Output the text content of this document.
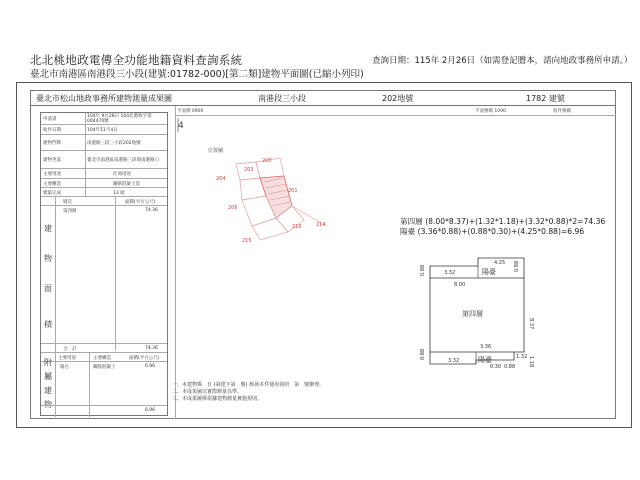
北北桃地政電傳全功能地籍資料查詢系統
臺北市南港區南港段三小段(建號:01782-000)[第二類]建物平面圖(已縮小列印)
查詢日期：115年 2月26日（如需登記謄本，請向地政事務所申請。）
臺北市松山地政事務所建物測量成果圖	南港段三小段	202地號	1782 建號
平面號 0900	平面號碼 1090	收件號碼
申請書
104年 9月28日 104北港收字第004470號
收件日期	104年11月4日
建物門牌	南港路三段三小段202地號
建物坐落	臺北市南港區南港路三段與南港路口
主要用途	住商用途
主要構造	鋼筋混凝土造
建築完成	13 層
層次	面積(平方公尺)
第四層	74.36
建
物
面
積
合　計	74.36
主要用途	主要構造	面積(平方公尺)
陽台	鋼筋混凝土	6.96
附
屬
建
物
6.96
4
位置圖
203
200
204
201
206
214
216
215
第四層 (8.00*8.37)+(1.32*1.18)+(3.32*0.88)*2=74.36
陽臺 (3.36*0.88)+(0.88*0.30)+(4.25*0.88)=6.96
陽臺
第四層
陽臺
4.25
3.32
8.00
0.88	0.88
8.37
0.88
3.32
3.36
1.32
0.30 0.88	1.18
一、本建物係　日 (第建字第　號) 核發本件使用執照　第　號辦理。
二、本成果圖以實際測量為準。
三、本成果圖係依據建物測量實施規則。
